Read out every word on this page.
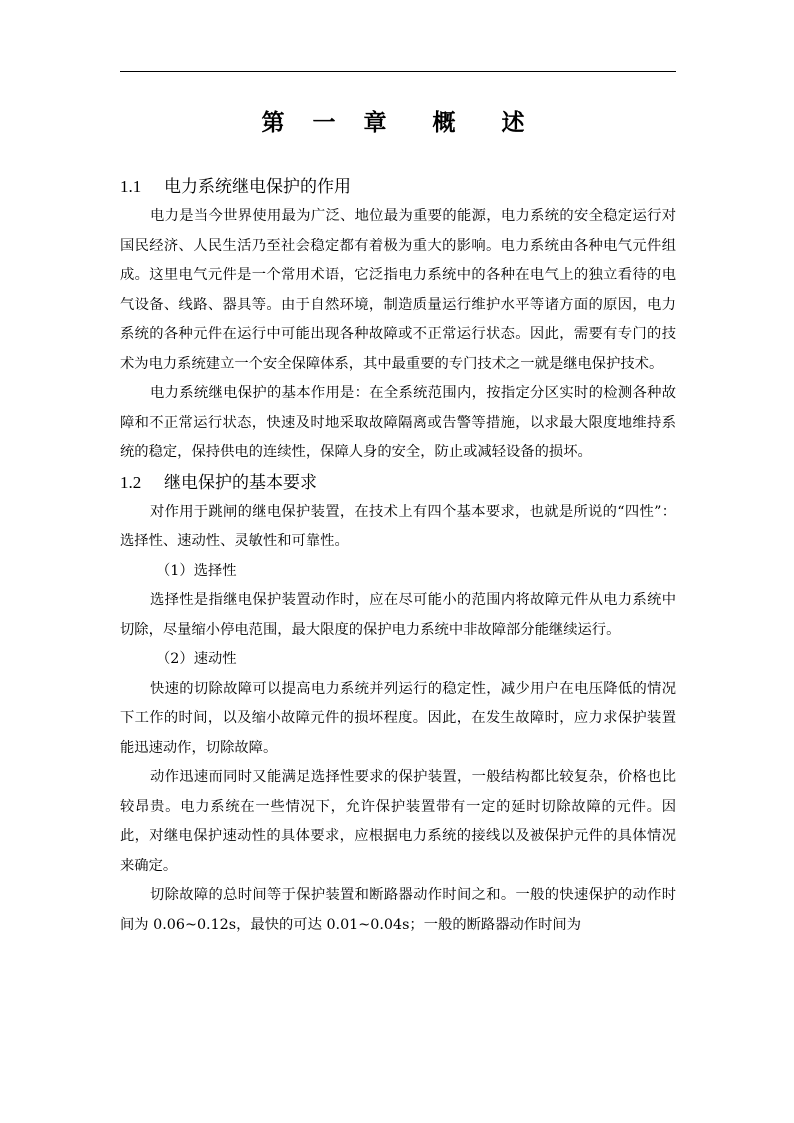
第 一 章  概  述
1.1	电力系统继电保护的作用

电力是当今世界使用最为广泛、地位最为重要的能源，电力系统的安全稳定运行对国民经济、人民生活乃至社会稳定都有着极为重大的影响。电力系统由各种电气元件组成。这里电气元件是一个常用术语，它泛指电力系统中的各种在电气上的独立看待的电气设备、线路、器具等。由于自然环境，制造质量运行维护水平等诸方面的原因，电力系统的各种元件在运行中可能出现各种故障或不正常运行状态。因此，需要有专门的技术为电力系统建立一个安全保障体系，其中最重要的专门技术之一就是继电保护技术。

电力系统继电保护的基本作用是：在全系统范围内，按指定分区实时的检测各种故障和不正常运行状态，快速及时地采取故障隔离或告警等措施，以求最大限度地维持系统的稳定，保持供电的连续性，保障人身的安全，防止或减轻设备的损坏。

1.2	继电保护的基本要求

对作用于跳闸的继电保护装置，在技术上有四个基本要求，也就是所说的“四性”：选择性、速动性、灵敏性和可靠性。

（1）选择性

选择性是指继电保护装置动作时，应在尽可能小的范围内将故障元件从电力系统中切除，尽量缩小停电范围，最大限度的保护电力系统中非故障部分能继续运行。

（2）速动性

快速的切除故障可以提高电力系统并列运行的稳定性，减少用户在电压降低的情况下工作的时间，以及缩小故障元件的损坏程度。因此，在发生故障时，应力求保护装置能迅速动作，切除故障。

动作迅速而同时又能满足选择性要求的保护装置，一般结构都比较复杂，价格也比较昂贵。电力系统在一些情况下，允许保护装置带有一定的延时切除故障的元件。因此，对继电保护速动性的具体要求，应根据电力系统的接线以及被保护元件的具体情况来确定。

切除故障的总时间等于保护装置和断路器动作时间之和。一般的快速保护的动作时间为 0.06~0.12s，最快的可达 0.01~0.04s；一般的断路器动作时间为
